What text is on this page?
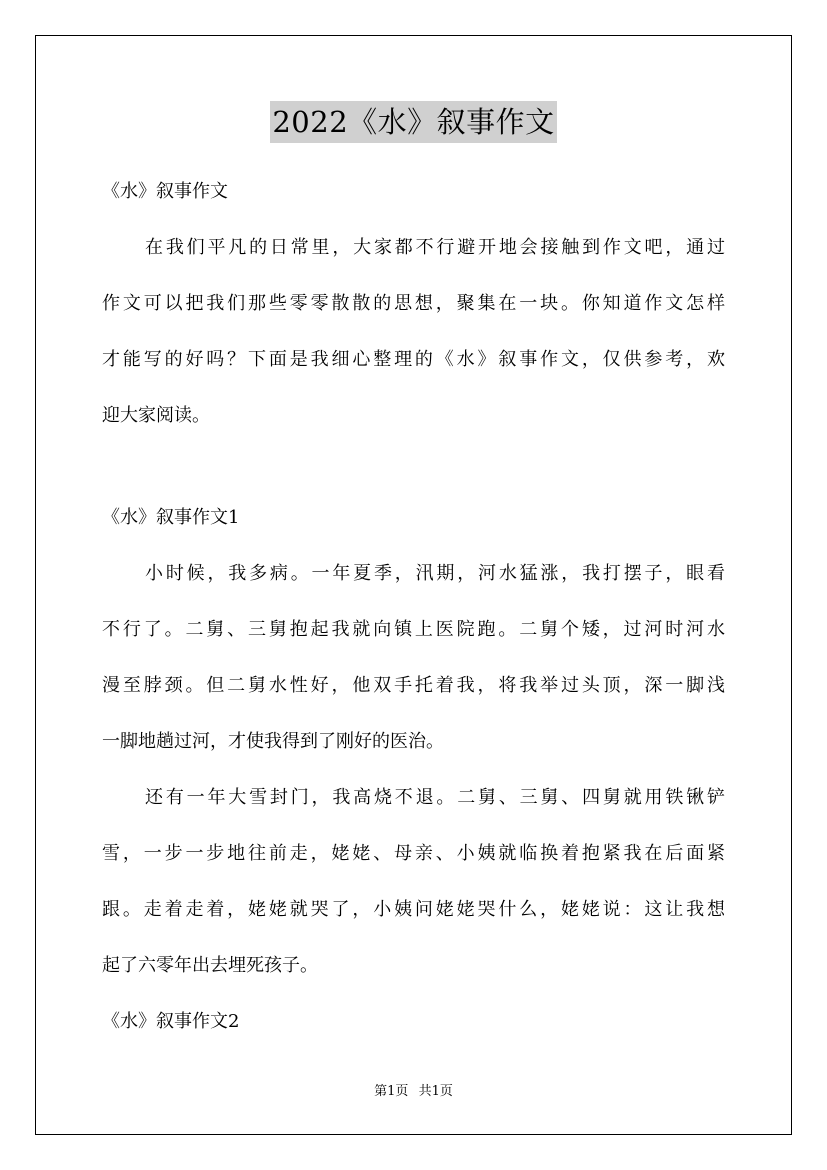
2022《水》叙事作文
《水》叙事作文
在我们平凡的日常里，大家都不行避开地会接触到作文吧，通过
作文可以把我们那些零零散散的思想，聚集在一块。你知道作文怎样
才能写的好吗？下面是我细心整理的《水》叙事作文，仅供参考，欢
迎大家阅读。
《水》叙事作文1
小时候，我多病。一年夏季，汛期，河水猛涨，我打摆子，眼看
不行了。二舅、三舅抱起我就向镇上医院跑。二舅个矮，过河时河水
漫至脖颈。但二舅水性好，他双手托着我，将我举过头顶，深一脚浅
一脚地趟过河，才使我得到了刚好的医治。
还有一年大雪封门，我高烧不退。二舅、三舅、四舅就用铁锹铲
雪，一步一步地往前走，姥姥、母亲、小姨就临换着抱紧我在后面紧
跟。走着走着，姥姥就哭了，小姨问姥姥哭什么，姥姥说：这让我想
起了六零年出去埋死孩子。
《水》叙事作文2
第1页 共1页
